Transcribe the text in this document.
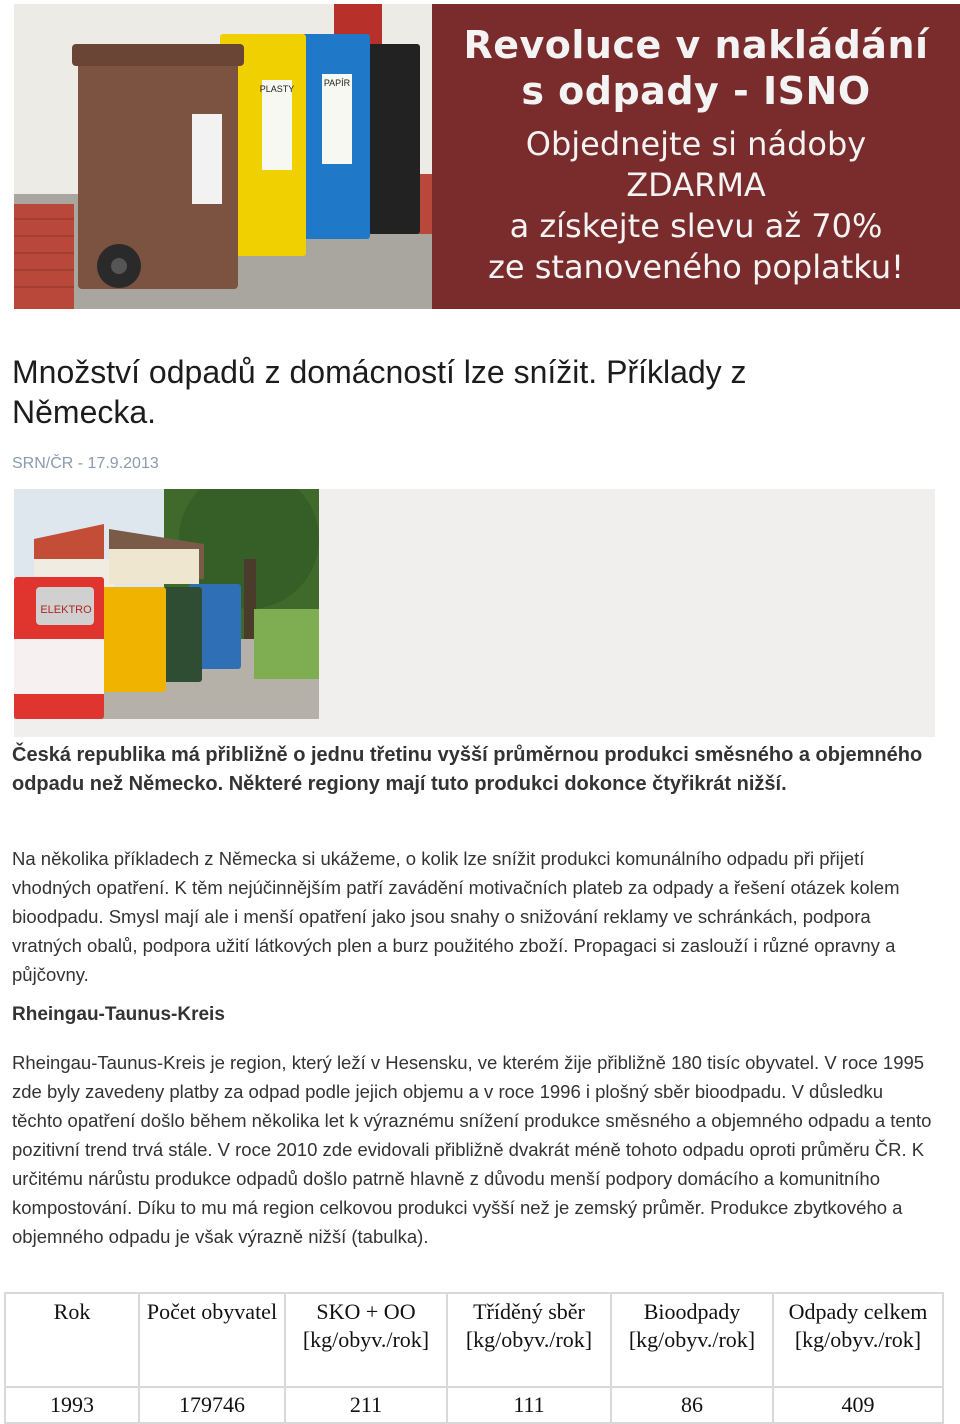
PLASTY
PAPÍR
Revoluce v nakládání
s odpady - ISNO
Objednejte si nádoby
ZDARMA
a získejte slevu až 70%
ze stanoveného poplatku!
Množství odpadů z domácností lze snížit. Příklady z Německa.
SRN/ČR - 17.9.2013
ELEKTRO

Česká republika má přibližně o jednu třetinu vyšší průměrnou produkci směsného a objemného odpadu než Německo. Některé regiony mají tuto produkci dokonce čtyřikrát nižší.

Na několika příkladech z Německa si ukážeme, o kolik lze snížit produkci komunálního odpadu při přijetí vhodných opatření. K těm nejúčinnějším patří zavádění motivačních plateb za odpady a řešení otázek kolem bioodpadu. Smysl mají ale i menší opatření jako jsou snahy o snižování reklamy ve schránkách, podpora vratných obalů, podpora užití látkových plen a burz použitého zboží. Propagaci si zaslouží i různé opravny a půjčovny.

Rheingau-Taunus-Kreis

Rheingau-Taunus-Kreis je region, který leží v Hesensku, ve kterém žije přibližně 180 tisíc obyvatel. V roce 1995 zde byly zavedeny platby za odpad podle jejich objemu a v roce 1996 i plošný sběr bioodpadu. V důsledku těchto opatření došlo během několika let k výraznému snížení produkce směsného a objemného odpadu a tento pozitivní trend trvá stále. V roce 2010 zde evidovali přibližně dvakrát méně tohoto odpadu oproti průměru ČR. K určitému nárůstu produkce odpadů došlo patrně hlavně z důvodu menší podpory domácího a komunitního kompostování. Díku to mu má region celkovou produkci vyšší než je zemský průměr. Produkce zbytkového a objemného odpadu je však výrazně nižší (tabulka).

Rok	Počet obyvatel	SKO + OO [kg/obyv./rok]	Tříděný sběr [kg/obyv./rok]	Bioodpady [kg/obyv./rok]	Odpady celkem [kg/obyv./rok]
1993	179746	211	111	86	409
